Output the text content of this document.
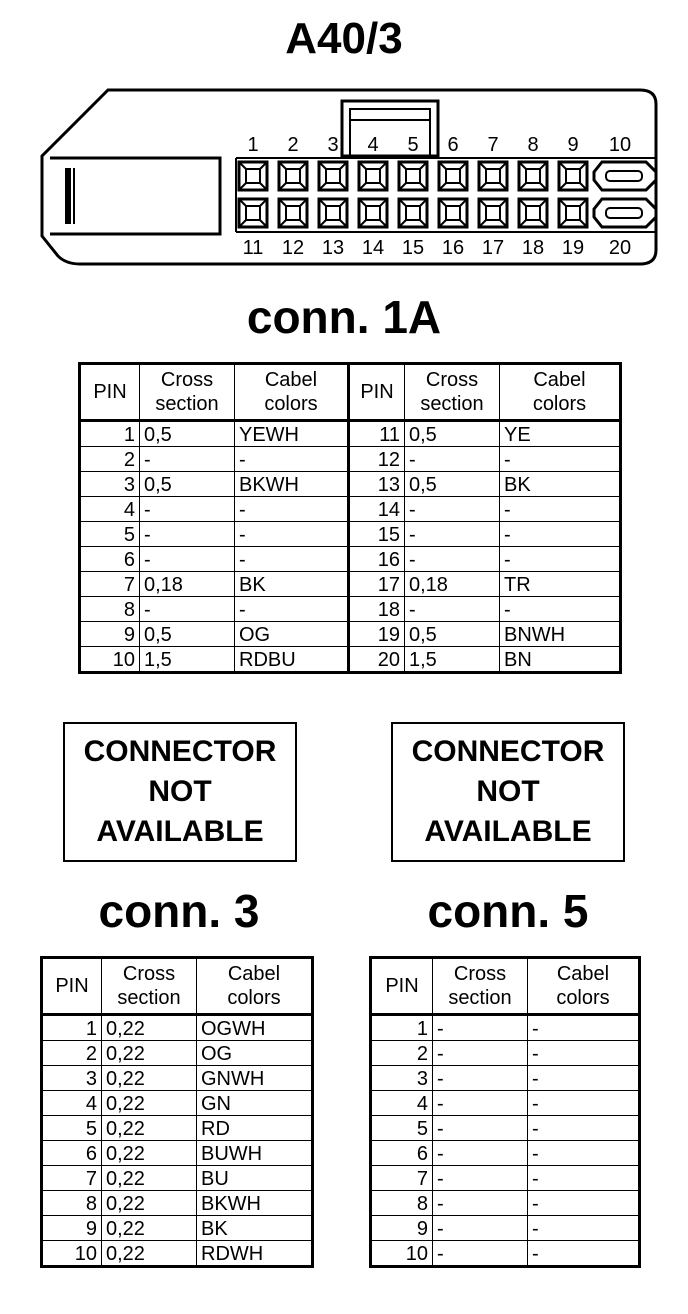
A40/3
1 2 3 4 5 6 7 8 9 10
11 12 13 14 15 16 17 18 19 20
PIN	Cross section	Cabel colors	PIN	Cross section	Cabel colors
1	0,5	YEWH	11	0,5	YE
2	-	-	12	-	-
3	0,5	BKWH	13	0,5	BK
4	-	-	14	-	-
5	-	-	15	-	-
6	-	-	16	-	-
7	0,18	BK	17	0,18	TR
8	-	-	18	-	-
9	0,5	OG	19	0,5	BNWH
10	1,5	RDBU	20	1,5	BN
CONNECTOR
NOT
AVAILABLE
CONNECTOR
NOT
AVAILABLE
conn. 1A
conn. 3	conn. 5
PIN	Cross section	Cabel colors
1	0,22	OGWH
2	0,22	OG
3	0,22	GNWH
4	0,22	GN
5	0,22	RD
6	0,22	BUWH
7	0,22	BU
8	0,22	BKWH
9	0,22	BK
10	0,22	RDWH
PIN	Cross section	Cabel colors
1	-	-
2	-	-
3	-	-
4	-	-
5	-	-
6	-	-
7	-	-
8	-	-
9	-	-
10	-	-
